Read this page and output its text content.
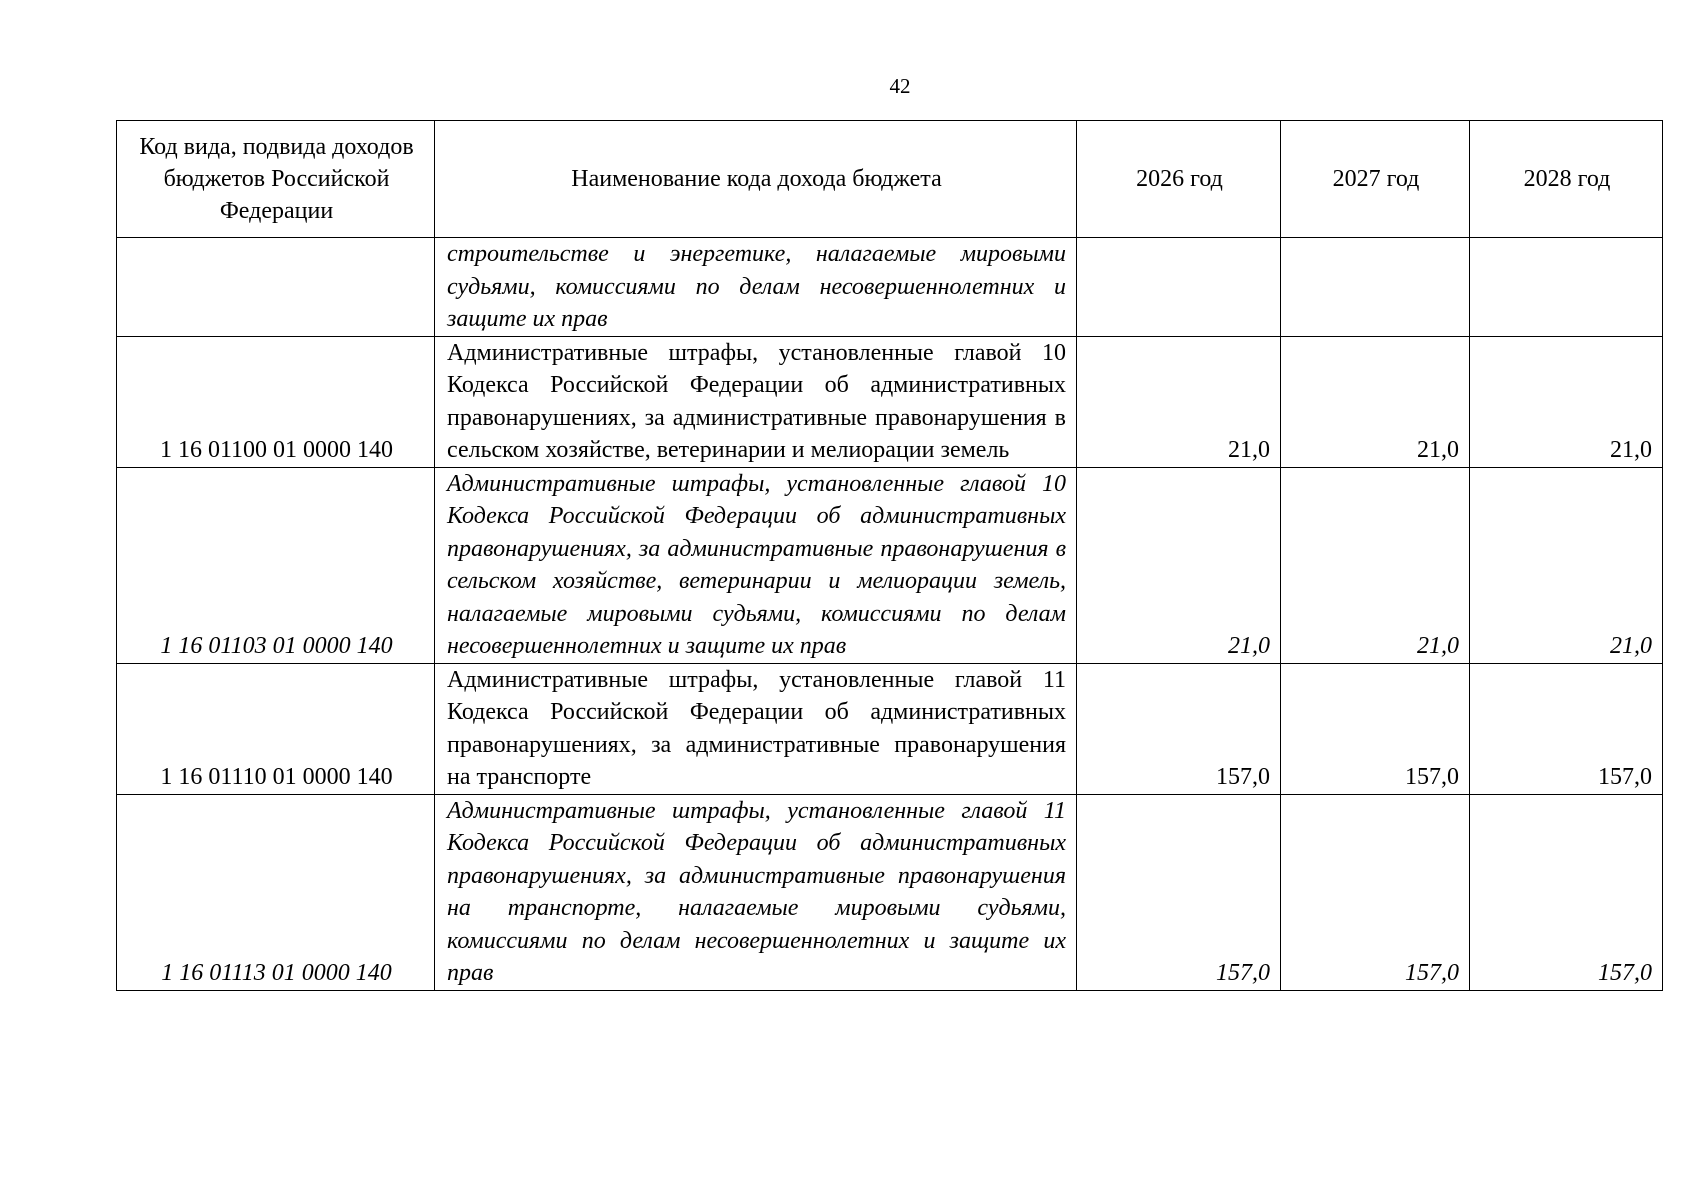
42
Код вида, подвида доходов бюджетов Российской Федерации	Наименование кода дохода бюджета	2026 год	2027 год	2028 год
	строительстве и энергетике, налагаемые мировыми судьями, комиссиями по делам несовершеннолетних и защите их прав			
1 16 01100 01 0000 140	Административные штрафы, установленные главой 10 Кодекса Российской Федерации об административных правонарушениях, за административные правонарушения в сельском хозяйстве, ветеринарии и мелиорации земель	21,0	21,0	21,0
1 16 01103 01 0000 140	Административные штрафы, установленные главой 10 Кодекса Российской Федерации об административных правонарушениях, за административные правонарушения в сельском хозяйстве, ветеринарии и мелиорации земель, налагаемые мировыми судьями, комиссиями по делам несовершеннолетних и защите их прав	21,0	21,0	21,0
1 16 01110 01 0000 140	Административные штрафы, установленные главой 11 Кодекса Российской Федерации об административных правонарушениях, за административные правонарушения на транспорте	157,0	157,0	157,0
1 16 01113 01 0000 140	Административные штрафы, установленные главой 11 Кодекса Российской Федерации об административных правонарушениях, за административные правонарушения на транспорте, налагаемые мировыми судьями, комиссиями по делам несовершеннолетних и защите их прав	157,0	157,0	157,0
